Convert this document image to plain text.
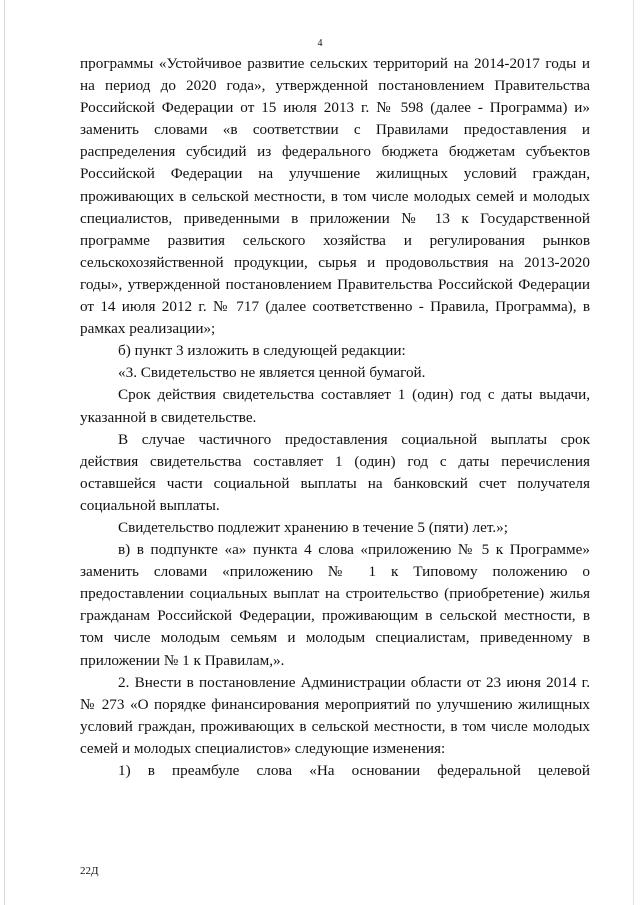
4

программы «Устойчивое развитие сельских территорий на 2014-2017 годы и на период до 2020 года», утвержденной постановлением Правительства Российской Федерации от 15 июля 2013 г. № 598 (далее - Программа) и» заменить словами «в соответствии с Правилами предоставления и распределения субсидий из федерального бюджета бюджетам субъектов Российской Федерации на улучшение жилищных условий граждан, проживающих в сельской местности, в том числе молодых семей и молодых специалистов, приведенными в приложении № 13 к Государственной программе развития сельского хозяйства и регулирования рынков сельскохозяйственной продукции, сырья и продовольствия на 2013-2020 годы», утвержденной постановлением Правительства Российской Федерации от 14 июля 2012 г. № 717 (далее соответственно - Правила, Программа), в рамках реализации»;

б) пункт 3 изложить в следующей редакции:

«3. Свидетельство не является ценной бумагой.

Срок действия свидетельства составляет 1 (один) год с даты выдачи, указанной в свидетельстве.

В случае частичного предоставления социальной выплаты срок действия свидетельства составляет 1 (один) год с даты перечисления оставшейся части социальной выплаты на банковский счет получателя социальной выплаты.

Свидетельство подлежит хранению в течение 5 (пяти) лет.»;

в) в подпункте «а» пункта 4 слова «приложению № 5 к Программе» заменить словами «приложению № 1 к Типовому положению о предоставлении социальных выплат на строительство (приобретение) жилья гражданам Российской Федерации, проживающим в сельской местности, в том числе молодым семьям и молодым специалистам, приведенному в приложении № 1 к Правилам,».

2. Внести в постановление Администрации области от 23 июня 2014 г. № 273 «О порядке финансирования мероприятий по улучшению жилищных условий граждан, проживающих в сельской местности, в том числе молодых семей и молодых специалистов» следующие изменения:

1) в преамбуле слова «На основании федеральной целевой

22Д
